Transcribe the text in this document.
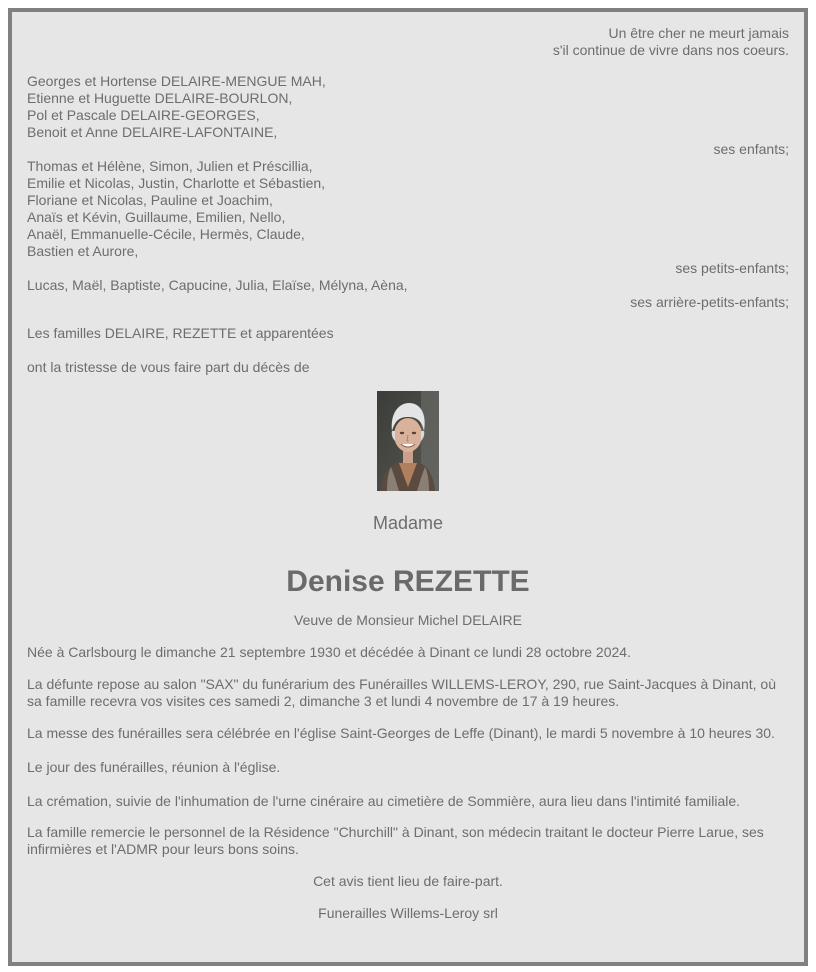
Un être cher ne meurt jamais
s'il continue de vivre dans nos coeurs.
Georges et Hortense DELAIRE-MENGUE MAH,
Etienne et Huguette DELAIRE-BOURLON,
Pol et Pascale DELAIRE-GEORGES,
Benoit et Anne DELAIRE-LAFONTAINE,
ses enfants;
Thomas et Hélène, Simon, Julien et Préscillia,
Emilie et Nicolas, Justin, Charlotte et Sébastien,
Floriane et Nicolas, Pauline et Joachim,
Anaïs et Kévin, Guillaume, Emilien, Nello,
Anaël, Emmanuelle-Cécile, Hermès, Claude,
Bastien et Aurore,
ses petits-enfants;
Lucas, Maël, Baptiste, Capucine, Julia, Elaïse, Mélyna, Aèna,
ses arrière-petits-enfants;

Les familles DELAIRE, REZETTE et apparentées

ont la tristesse de vous faire part du décès de

Madame
Denise REZETTE
Veuve de Monsieur Michel DELAIRE

Née à Carlsbourg le dimanche 21 septembre 1930 et décédée à Dinant ce lundi 28 octobre 2024.

La défunte repose au salon "SAX" du funérarium des Funérailles WILLEMS-LEROY, 290, rue Saint-Jacques à Dinant, où sa famille recevra vos visites ces samedi 2, dimanche 3 et lundi 4 novembre de 17 à 19 heures.

La messe des funérailles sera célébrée en l'église Saint-Georges de Leffe (Dinant), le mardi 5 novembre à 10 heures 30.

Le jour des funérailles, réunion à l'église.

La crémation, suivie de l'inhumation de l'urne cinéraire au cimetière de Sommière, aura lieu dans l'intimité familiale.

La famille remercie le personnel de la Résidence "Churchill" à Dinant, son médecin traitant le docteur Pierre Larue, ses infirmières et l'ADMR pour leurs bons soins.

Cet avis tient lieu de faire-part.
Funerailles Willems-Leroy srl
